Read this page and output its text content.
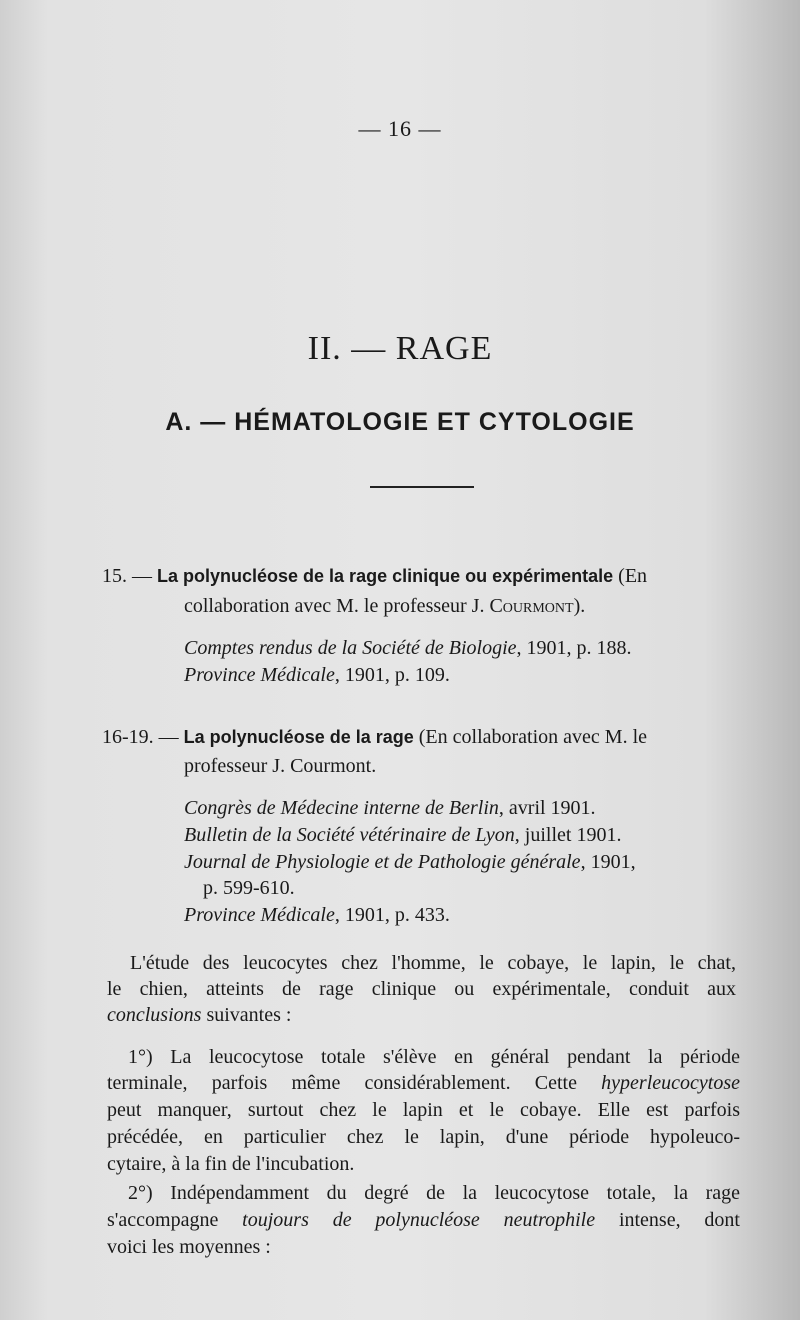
— 16 —

II. — RAGE

A. — HÉMATOLOGIE ET CYTOLOGIE

15. — La polynucléose de la rage clinique ou expérimentale (En

collaboration avec M. le professeur J. Courmont).

Comptes rendus de la Société de Biologie, 1901, p. 188.

Province Médicale, 1901, p. 109.

16-19. — La polynucléose de la rage (En collaboration avec M. le

professeur J. Courmont.

Congrès de Médecine interne de Berlin, avril 1901.

Bulletin de la Société vétérinaire de Lyon, juillet 1901.

Journal de Physiologie et de Pathologie générale, 1901,

p. 599-610.

Province Médicale, 1901, p. 433.

L'étude des leucocytes chez l'homme, le cobaye, le lapin, le chat,

le chien, atteints de rage clinique ou expérimentale, conduit aux

conclusions suivantes :

1°) La leucocytose totale s'élève en général pendant la période

terminale, parfois même considérablement. Cette hyperleucocytose

peut manquer, surtout chez le lapin et le cobaye. Elle est parfois

précédée, en particulier chez le lapin, d'une période hypoleuco-

cytaire, à la fin de l'incubation.

2°) Indépendamment du degré de la leucocytose totale, la rage

s'accompagne toujours de polynucléose neutrophile intense, dont

voici les moyennes :
